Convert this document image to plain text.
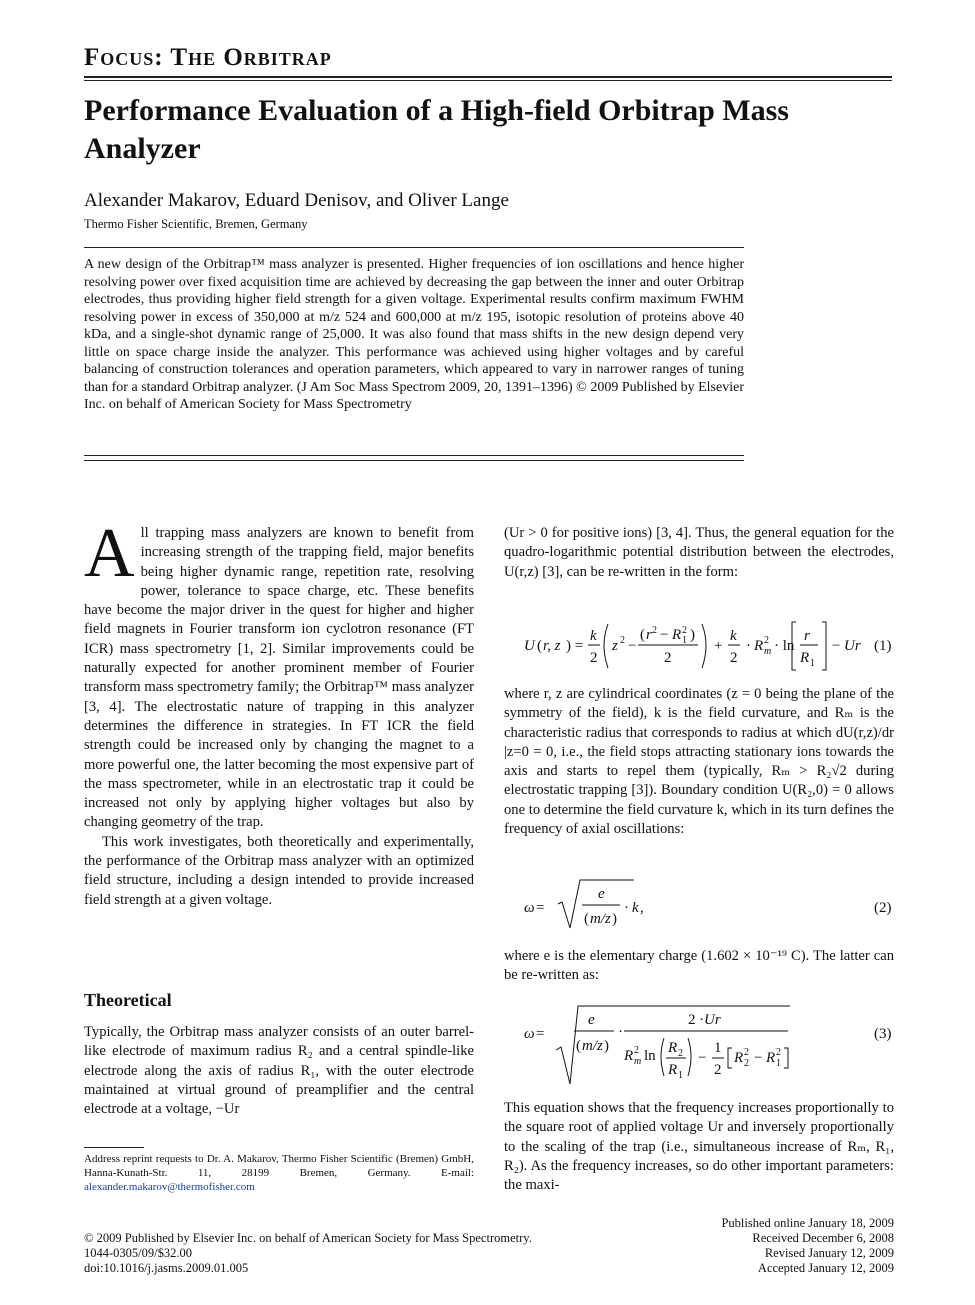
Focus: The Orbitrap
Performance Evaluation of a High-field Orbitrap Mass Analyzer
Alexander Makarov, Eduard Denisov, and Oliver Lange
Thermo Fisher Scientific, Bremen, Germany
A new design of the Orbitrap™ mass analyzer is presented. Higher frequencies of ion oscillations and hence higher resolving power over fixed acquisition time are achieved by decreasing the gap between the inner and outer Orbitrap electrodes, thus providing higher field strength for a given voltage. Experimental results confirm maximum FWHM resolving power in excess of 350,000 at m/z 524 and 600,000 at m/z 195, isotopic resolution of proteins above 40 kDa, and a single-shot dynamic range of 25,000. It was also found that mass shifts in the new design depend very little on space charge inside the analyzer. This performance was achieved using higher voltages and by careful balancing of construction tolerances and operation parameters, which appeared to vary in narrower ranges of tuning than for a standard Orbitrap analyzer. (J Am Soc Mass Spectrom 2009, 20, 1391–1396) © 2009 Published by Elsevier Inc. on behalf of American Society for Mass Spectrometry
A ll trapping mass analyzers are known to benefit from increasing strength of the trapping field, major benefits being higher dynamic range, repetition rate, resolving power, tolerance to space charge, etc. These benefits have become the major driver in the quest for higher and higher field magnets in Fourier transform ion cyclotron resonance (FT ICR) mass spectrometry [1, 2]. Similar improvements could be naturally expected for another prominent member of Fourier transform mass spectrometry family; the Orbitrap™ mass analyzer [3, 4]. The electrostatic nature of trapping in this analyzer determines the difference in strategies. In FT ICR the field strength could be increased only by changing the magnet to a more powerful one, the latter becoming the most expensive part of the mass spectrometer, while in an electrostatic trap it could be increased not only by applying higher voltages but also by changing geometry of the trap.

This work investigates, both theoretically and experimentally, the performance of the Orbitrap mass analyzer with an optimized field structure, including a design intended to provide increased field strength at a given voltage.

Theoretical
Typically, the Orbitrap mass analyzer consists of an outer barrel-like electrode of maximum radius R₂ and a central spindle-like electrode along the axis of radius R₁, with the outer electrode maintained at virtual ground of preamplifier and the central electrode at a voltage, −Ur
Address reprint requests to Dr. A. Makarov, Thermo Fisher Scientific (Bremen) GmbH, Hanna-Kunath-Str. 11, 28199 Bremen, Germany. E-mail: alexander.makarov@thermofisher.com
(Ur > 0 for positive ions) [3, 4]. Thus, the general equation for the quadro-logarithmic potential distribution between the electrodes, U(r,z) [3], can be re-written in the form:
U ( r, z ) =
k
2
z 2 −
( r 2 − R 2
1 )
2
+
k
2
· R 2
m · ln
r
R 1
− Ur (1)
where r, z are cylindrical coordinates (z = 0 being the plane of the symmetry of the field), k is the field curvature, and Rₘ is the characteristic radius that corresponds to radius at which dU(r,z)/dr |z=0 = 0, i.e., the field stops attracting stationary ions towards the axis and starts to repel them (typically, Rₘ > R₂√2 during electrostatic trapping [3]). Boundary condition U(R₂,0) = 0 allows one to determine the field curvature k, which in its turn defines the frequency of axial oscillations:
ω =
e
( m/z )
· k ,	(2)
where e is the elementary charge (1.602 × 10⁻¹⁹ C). The latter can be re-written as:
ω =
e
( m/z )
·
2 · Ur
R 2
m ln R 2
R 1
−
1
2
R 2
2 − R 2
1
(3)
This equation shows that the frequency increases proportionally to the square root of applied voltage Ur and inversely proportionally to the scaling of the trap (i.e., simultaneous increase of Rₘ, R₁, R₂). As the frequency increases, so do other important parameters: the maxi-
© 2009 Published by Elsevier Inc. on behalf of American Society for Mass Spectrometry.
1044-0305/09/$32.00
doi:10.1016/j.jasms.2009.01.005
Published online January 18, 2009
Received December 6, 2008
Revised January 12, 2009
Accepted January 12, 2009
